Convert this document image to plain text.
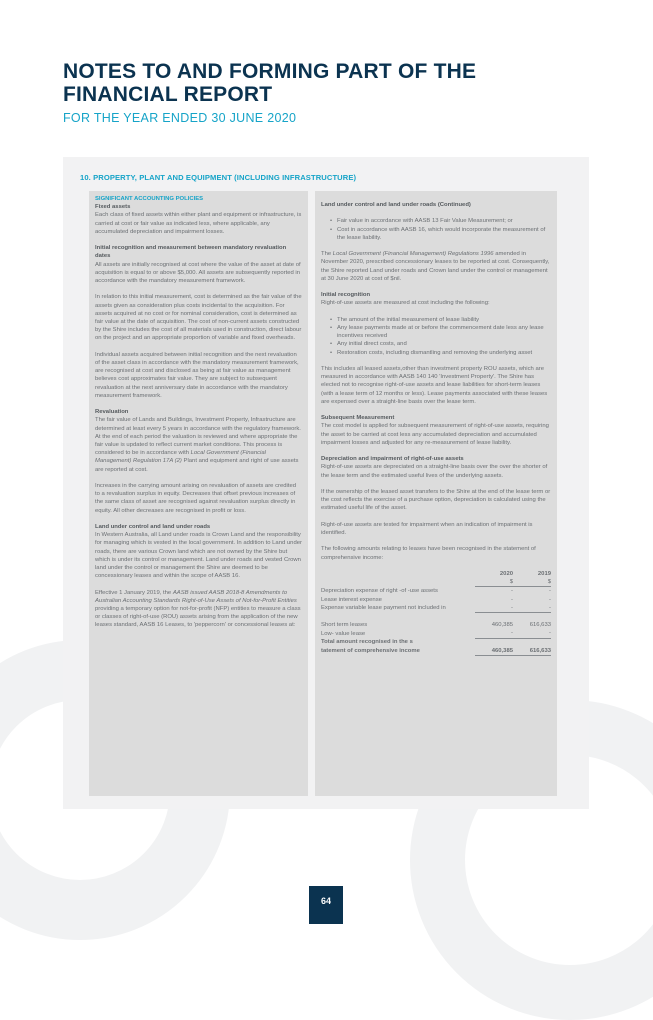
NOTES TO AND FORMING PART OF THE FINANCIAL REPORT
FOR THE YEAR ENDED 30 JUNE 2020
10. PROPERTY, PLANT AND EQUIPMENT (INCLUDING INFRASTRUCTURE)
SIGNIFICANT ACCOUNTING POLICIES
Fixed assets

Each class of fixed assets within either plant and equipment or infrastructure, is carried at cost or fair value as indicated less, where applicable, any accumulated depreciation and impairment losses.

Initial recognition and measurement between mandatory revaluation dates

All assets are initially recognised at cost where the value of the asset at date of acquisition is equal to or above $5,000. All assets are subsequently reported in accordance with the mandatory measurement framework.

In relation to this initial measurement, cost is determined as the fair value of the assets given as consideration plus costs incidental to the acquisition. For assets acquired at no cost or for nominal consideration, cost is determined as fair value at the date of acquisition. The cost of non-current assets constructed by the Shire includes the cost of all materials used in construction, direct labour on the project and an appropriate proportion of variable and fixed overheads.

Individual assets acquired between initial recognition and the next revaluation of the asset class in accordance with the mandatory measurement framework, are recognised at cost and disclosed as being at fair value as management believes cost approximates fair value. They are subject to subsequent revaluation at the next anniversary date in accordance with the mandatory measurement framework.

Revaluation

The fair value of Lands and Buildings, Investment Property, Infrastructure are determined at least every 5 years in accordance with the regulatory framework. At the end of each period the valuation is reviewed and where appropriate the fair value is updated to reflect current market conditions. This process is considered to be in accordance with Local Government (Financial Management) Regulation 17A (2) Plant and equipment and right of use assets are reported at cost.

Increases in the carrying amount arising on revaluation of assets are credited to a revaluation surplus in equity. Decreases that offset previous increases of the same class of asset are recognised against revaluation surplus directly in equity. All other decreases are recognised in profit or loss.

Land under control and land under roads

In Western Australia, all Land under roads is Crown Land and the responsibility for managing which is vested in the local government. In addition to Land under roads, there are various Crown land which are not owned by the Shire but which is under its control or management. Land under roads and vested Crown land under the control or management the Shire are deemed to be concessionary leases and within the scope of AASB 16.

Effective 1 January 2019, the AASB issued AASB 2018-8 Amendments to Australian Accounting Standards Right-of-Use Assets of Not-for-Profit Entities providing a temporary option for not-for-profit (NFP) entities to measure a class or classes of right-of-use (ROU) assets arising from the application of the new leases standard, AASB 16 Leases, to 'peppercorn' or concessional leases at:

Land under control and land under roads (Continued)
• Fair value in accordance with AASB 13 Fair Value Measurement; or
• Cost in accordance with AASB 16, which would incorporate the measurement of the lease liability.

The Local Government (Financial Management) Regulations 1996 amended in November 2020, prescribed concessionary leases to be reported at cost. Consequently, the Shire reported Land under roads and Crown land under the control or management at 30 June 2020 at cost of $nil.

Initial recognition

Right-of-use assets are measured at cost including the following:

• The amount of the initial measurement of lease liability
• Any lease payments made at or before the commencement date less any lease incentives received
• Any initial direct costs, and
• Restoration costs, including dismantling and removing the underlying asset

This includes all leased assets,other than investment property ROU assets, which are measured in accordance with AASB 140 140 'Investment Property'. The Shire has elected not to recognise right-of-use assets and lease liabilities for short-term leases (with a lease term of 12 months or less). Lease payments associated with these leases are expensed over a straight-line basis over the lease term.

Subsequent Measurement

The cost model is applied for subsequent measurement of right-of-use assets, requiring the asset to be carried at cost less any accumulated depreciation and accumulated impairment losses and adjusted for any re-measurement of lease liability.

Depreciation and impairment of right-of-use assets

Right-of-use assets are depreciated on a straight-line basis over the over the shorter of the lease term and the estimated useful lives of the underlying assets.

If the ownership of the leased asset transfers to the Shire at the end of the lease term or the cost reflects the exercise of a purchase option, depreciation is calculated using the estimated useful life of the asset.

Right-of-use assets are tested for impairment when an indication of impairment is identified.

The following amounts relating to leases have been recognised in the statement of comprehensive income:

	2020	2019
	$	$
Depreciation expense of right -of -use assets	-	-
Lease interest expense	-	-
Expense variable lease payment not included in	-	-

Short term leases	460,385	616,633
Low- value lease	-	-
Total amount recognised in the s		
tatement of comprehensive income	460,385	616,633
64
